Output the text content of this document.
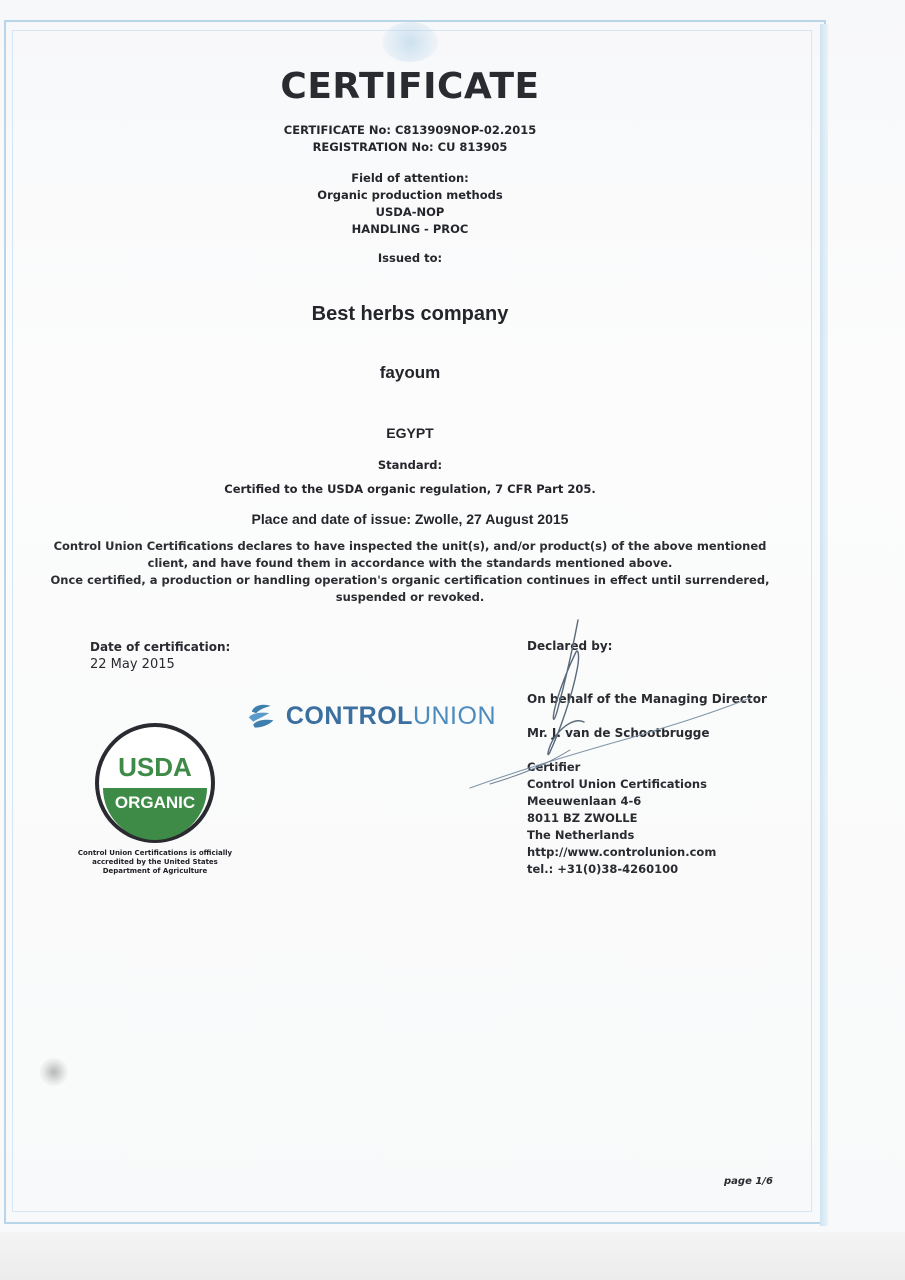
CERTIFICATE
CERTIFICATE No: C813909NOP-02.2015
REGISTRATION No: CU 813905
Field of attention:
Organic production methods
USDA-NOP
HANDLING - PROC
Issued to:
Best herbs company
fayoum
EGYPT
Standard:
Certified to the USDA organic regulation, 7 CFR Part 205.
Place and date of issue: Zwolle, 27 August 2015

Control Union Certifications declares to have inspected the unit(s), and/or product(s) of the above mentioned client, and have found them in accordance with the standards mentioned above.

Once certified, a production or handling operation's organic certification continues in effect until surrendered, suspended or revoked.

Date of certification:
22 May 2015
Declared by:
On behalf of the Managing Director
Mr. J. van de Schootbrugge
Certifier
Control Union Certifications
Meeuwenlaan 4-6
8011 BZ ZWOLLE
The Netherlands
http://www.controlunion.com
tel.: +31(0)38-4260100
CONTROLUNION
USDA
ORGANIC
Control Union Certifications is officially accredited by the United States Department of Agriculture
page 1/6
